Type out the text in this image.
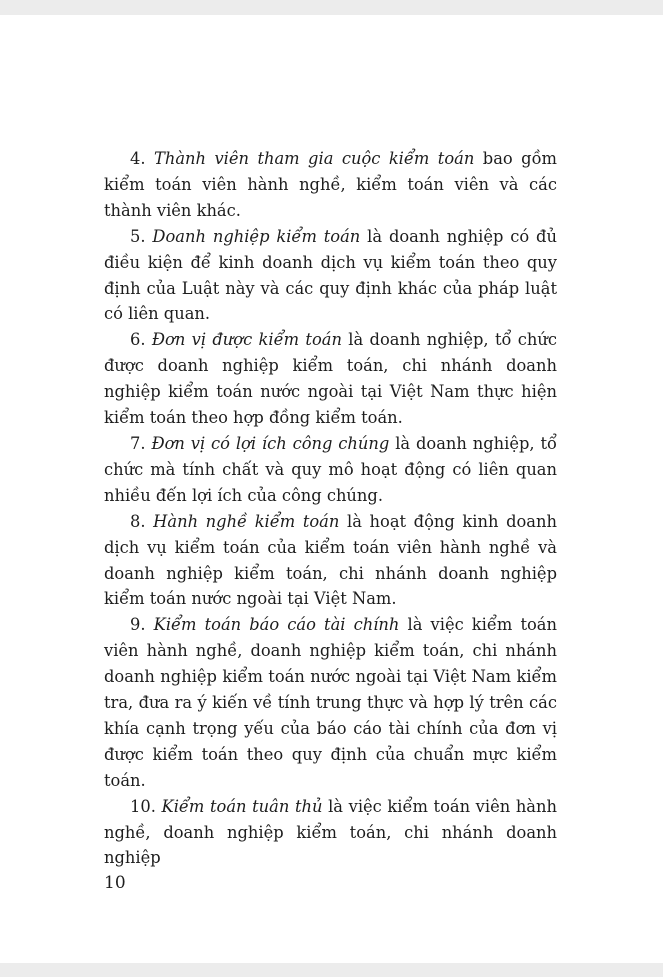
4. Thành viên tham gia cuộc kiểm toán bao gồm kiểm toán viên hành nghề, kiểm toán viên và các thành viên khác.

5. Doanh nghiệp kiểm toán là doanh nghiệp có đủ điều kiện để kinh doanh dịch vụ kiểm toán theo quy định của Luật này và các quy định khác của pháp luật có liên quan.

6. Đơn vị được kiểm toán là doanh nghiệp, tổ chức được doanh nghiệp kiểm toán, chi nhánh doanh nghiệp kiểm toán nước ngoài tại Việt Nam thực hiện kiểm toán theo hợp đồng kiểm toán.

7. Đơn vị có lợi ích công chúng là doanh nghiệp, tổ chức mà tính chất và quy mô hoạt động có liên quan nhiều đến lợi ích của công chúng.

8. Hành nghề kiểm toán là hoạt động kinh doanh dịch vụ kiểm toán của kiểm toán viên hành nghề và doanh nghiệp kiểm toán, chi nhánh doanh nghiệp kiểm toán nước ngoài tại Việt Nam.

9. Kiểm toán báo cáo tài chính là việc kiểm toán viên hành nghề, doanh nghiệp kiểm toán, chi nhánh doanh nghiệp kiểm toán nước ngoài tại Việt Nam kiểm tra, đưa ra ý kiến về tính trung thực và hợp lý trên các khía cạnh trọng yếu của báo cáo tài chính của đơn vị được kiểm toán theo quy định của chuẩn mực kiểm toán.

10. Kiểm toán tuân thủ là việc kiểm toán viên hành nghề, doanh nghiệp kiểm toán, chi nhánh doanh nghiệp

10
